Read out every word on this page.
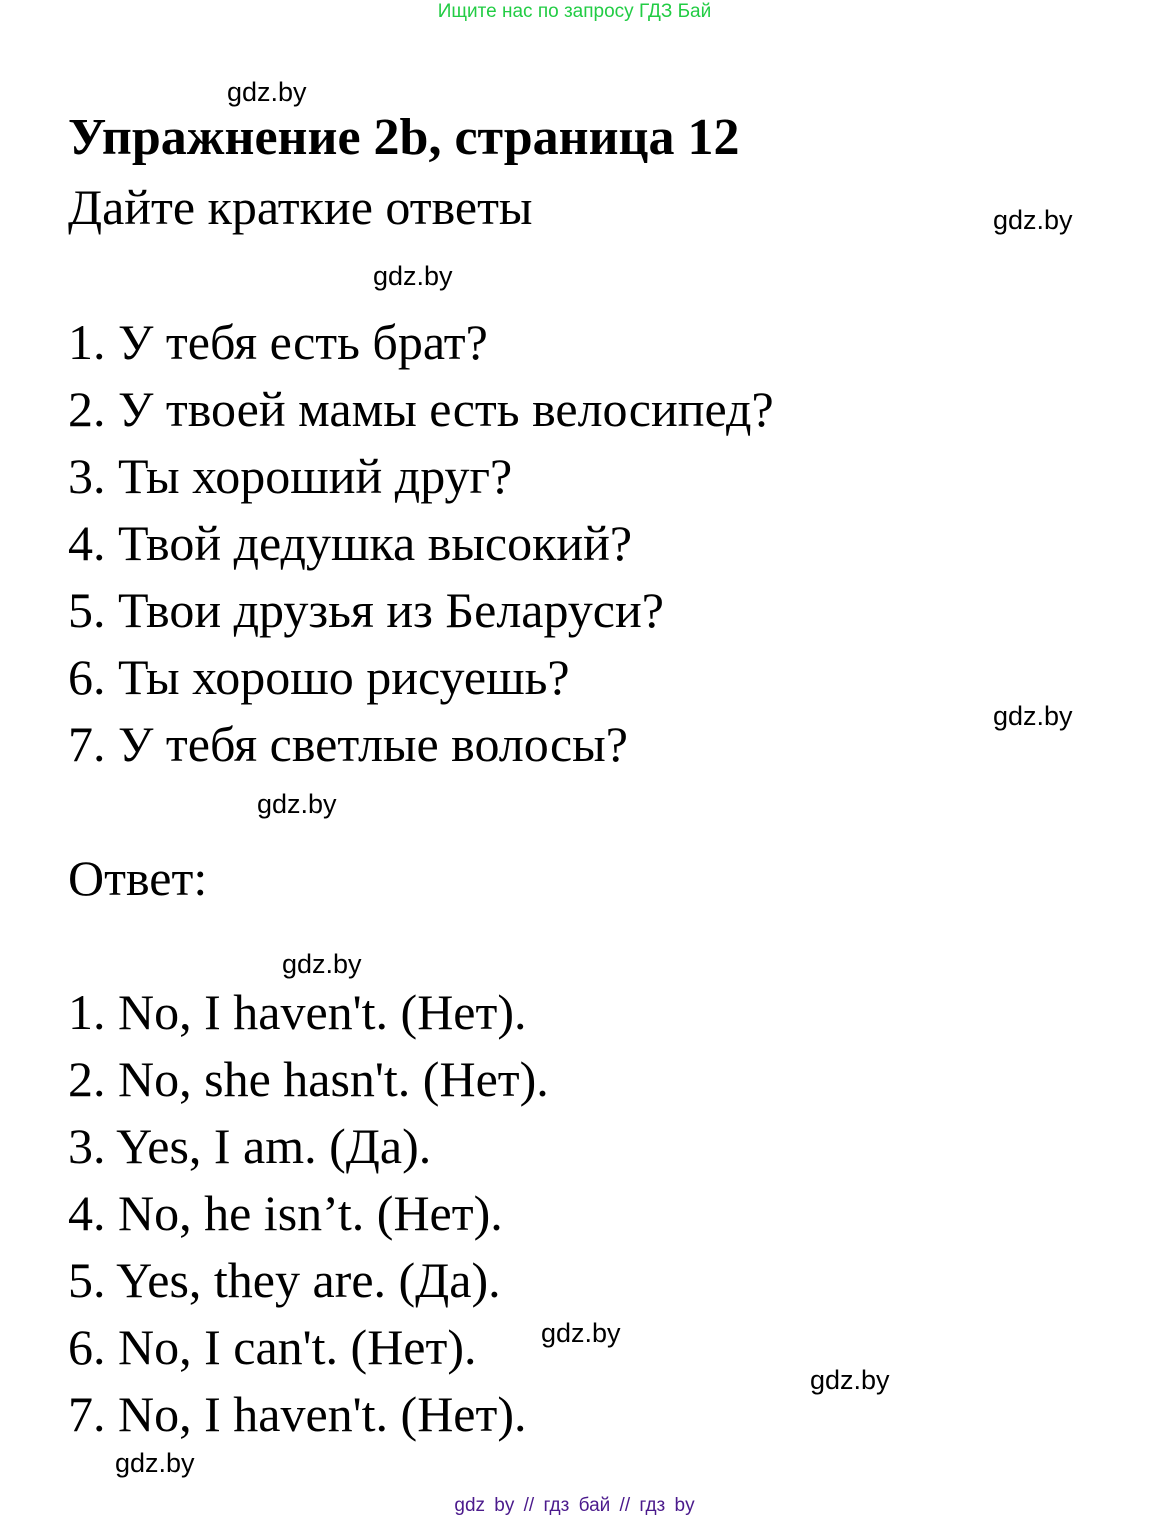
Ищите нас по запросу ГДЗ Бай
gdz.by
Упражнение 2b, страница 12
Дайте краткие ответы	gdz.by
gdz.by
1. У тебя есть брат?
2. У твоей мамы есть велосипед?
3. Ты хороший друг?
4. Твой дедушка высокий?
5. Твои друзья из Беларуси?
6. Ты хорошо рисуешь?
7. У тебя светлые волосы?	gdz.by
gdz.by
Ответ:
gdz.by
1. No, I haven't. (Нет).
2. No, she hasn't. (Нет).
3. Yes, I am. (Да).
4. No, he isn’t. (Нет).
5. Yes, they are. (Да).
6. No, I can't. (Нет).
7. No, I haven't. (Нет).
gdz.by
gdz.by
gdz.by
gdz by // гдз бай // гдз by
